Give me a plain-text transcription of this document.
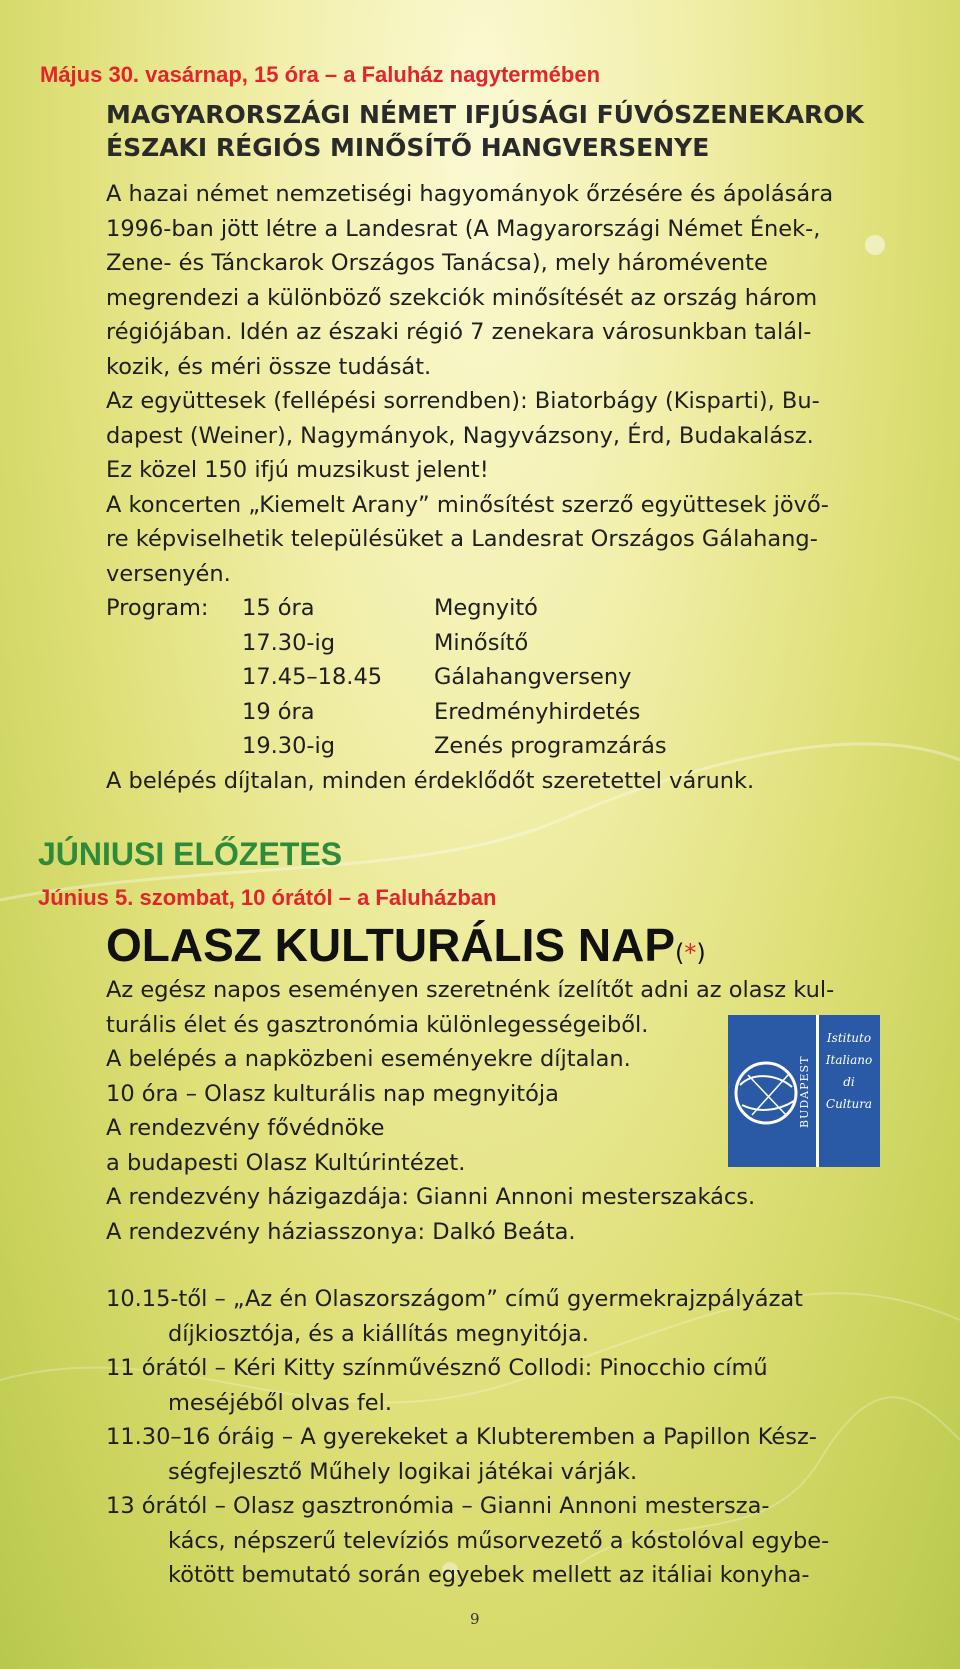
Május 30. vasárnap, 15 óra – a Faluház nagytermében
MAGYARORSZÁGI NÉMET IFJÚSÁGI FÚVÓSZENEKAROK
ÉSZAKI RÉGIÓS MINŐSÍTŐ HANGVERSENYE

A hazai német nemzetiségi hagyományok őrzésére és ápolására

1996-ban jött létre a Landesrat (A Magyarországi Német Ének-,

Zene- és Tánckarok Országos Tanácsa), mely háromévente

megrendezi a különböző szekciók minősítését az ország három

régiójában. Idén az északi régió 7 zenekara városunkban talál-

kozik, és méri össze tudását.

Az együttesek (fellépési sorrendben): Biatorbágy (Kisparti), Bu-

dapest (Weiner), Nagymányok, Nagyvázsony, Érd, Budakalász.

Ez közel 150 ifjú muzsikust jelent!

A koncerten „Kiemelt Arany” minősítést szerző együttesek jövő-

re képviselhetik településüket a Landesrat Országos Gálahang-

versenyén.

Program:	15 óra	Megnyitó
17.30-ig	Minősítő
17.45–18.45	Gálahangverseny
19 óra	Eredményhirdetés
19.30-ig	Zenés programzárás

A belépés díjtalan, minden érdeklődőt szeretettel várunk.

JÚNIUSI ELŐZETES
Június 5. szombat, 10 órától – a Faluházban
OLASZ KULTURÁLIS NAP(*)

Az egész napos eseményen szeretnénk ízelítőt adni az olasz kul-

turális élet és gasztronómia különlegességeiből.

A belépés a napközbeni eseményekre díjtalan.

10 óra – Olasz kulturális nap megnyitója

A rendezvény fővédnöke

a budapesti Olasz Kultúrintézet.

A rendezvény házigazdája: Gianni Annoni mesterszakács.

A rendezvény háziasszonya: Dalkó Beáta.

BUDAPEST
Istituto
Italiano
di
Cultura

10.15-től – „Az én Olaszországom” című gyermekrajzpályázat
díjkiosztója, és a kiállítás megnyitója.

11 órától – Kéri Kitty színművésznő Collodi: Pinocchio című
meséjéből olvas fel.

11.30–16 óráig – A gyerekeket a Klubteremben a Papillon Kész-
ségfejlesztő Műhely logikai játékai várják.

13 órától – Olasz gasztronómia – Gianni Annoni mestersza-
kács, népszerű televíziós műsorvezető a kóstolóval egybe-
kötött bemutató során egyebek mellett az itáliai konyha-

9
